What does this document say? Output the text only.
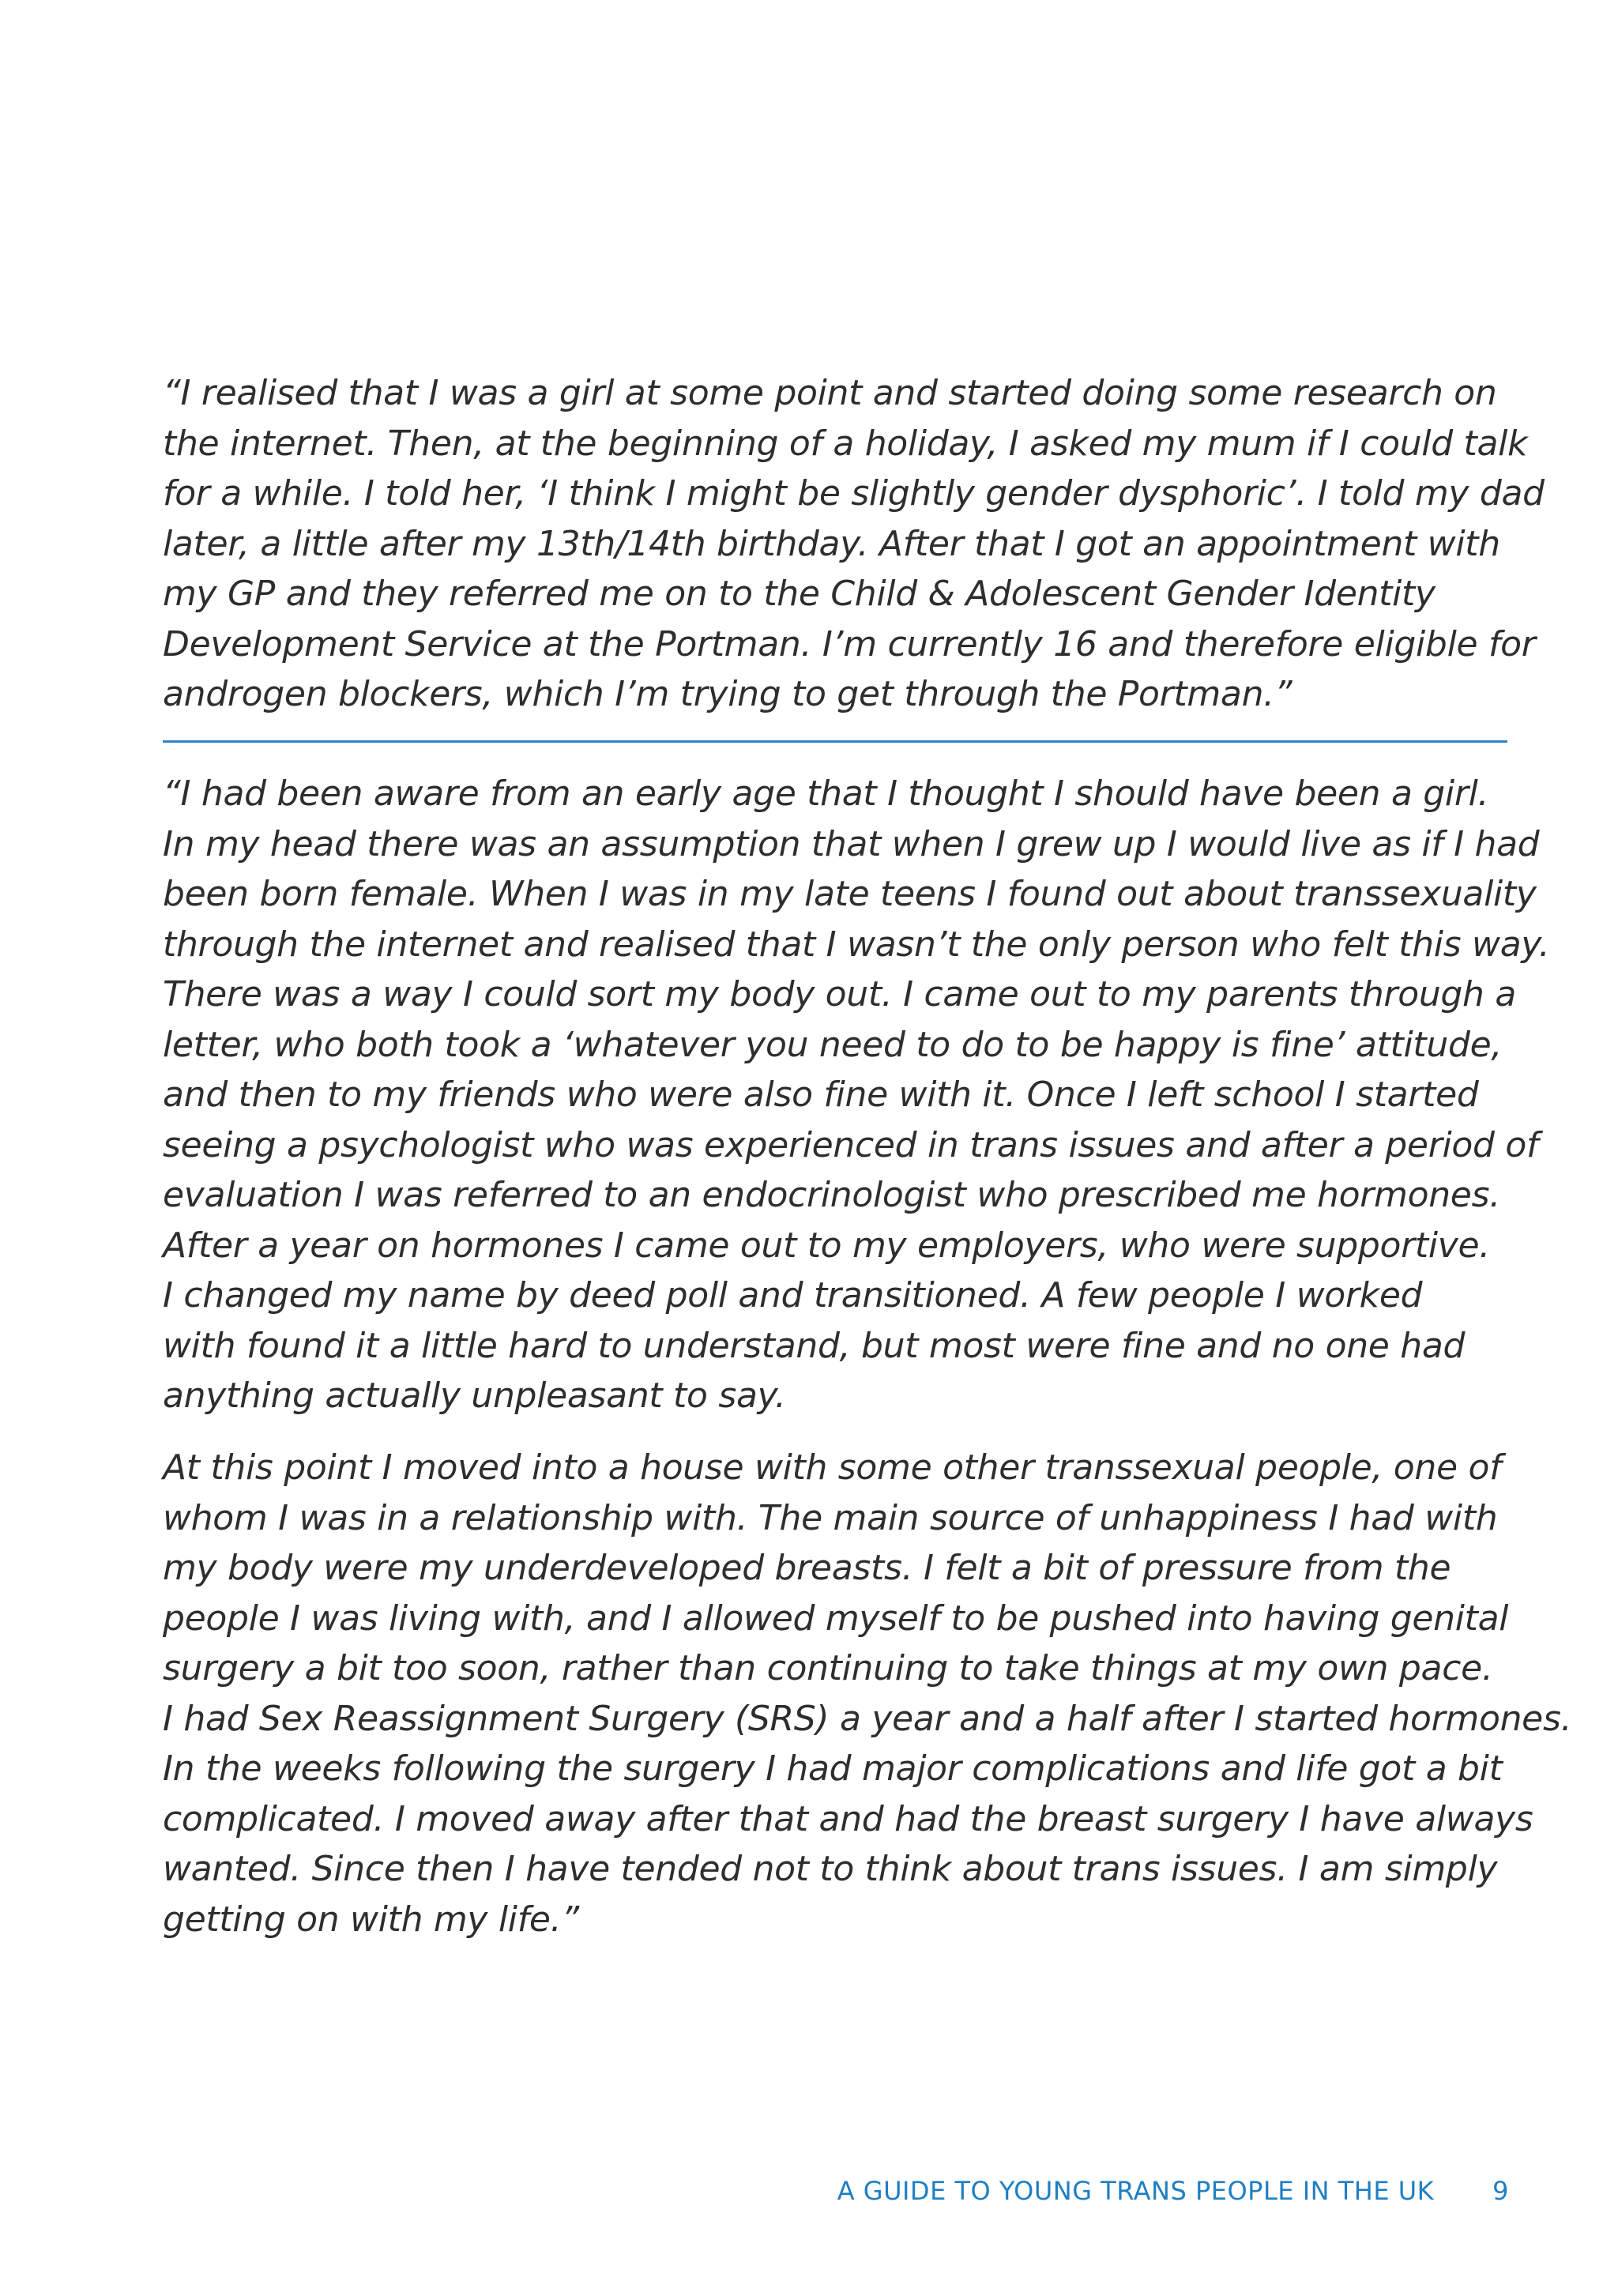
“I realised that I was a girl at some point and started doing some research on
the internet. Then, at the beginning of a holiday, I asked my mum if I could talk
for a while. I told her, ‘I think I might be slightly gender dysphoric’. I told my dad
later, a little after my 13th/14th birthday. After that I got an appointment with
my GP and they referred me on to the Child & Adolescent Gender Identity
Development Service at the Portman. I’m currently 16 and therefore eligible for
androgen blockers, which I’m trying to get through the Portman.”

“I had been aware from an early age that I thought I should have been a girl.
In my head there was an assumption that when I grew up I would live as if I had
been born female. When I was in my late teens I found out about transsexuality
through the internet and realised that I wasn’t the only person who felt this way.
There was a way I could sort my body out. I came out to my parents through a
letter, who both took a ‘whatever you need to do to be happy is fine’ attitude,
and then to my friends who were also fine with it. Once I left school I started
seeing a psychologist who was experienced in trans issues and after a period of
evaluation I was referred to an endocrinologist who prescribed me hormones.
After a year on hormones I came out to my employers, who were supportive.
I changed my name by deed poll and transitioned. A few people I worked
with found it a little hard to understand, but most were fine and no one had
anything actually unpleasant to say.

At this point I moved into a house with some other transsexual people, one of
whom I was in a relationship with. The main source of unhappiness I had with
my body were my underdeveloped breasts. I felt a bit of pressure from the
people I was living with, and I allowed myself to be pushed into having genital
surgery a bit too soon, rather than continuing to take things at my own pace.
I had Sex Reassignment Surgery (SRS) a year and a half after I started hormones.
In the weeks following the surgery I had major complications and life got a bit
complicated. I moved away after that and had the breast surgery I have always
wanted. Since then I have tended not to think about trans issues. I am simply
getting on with my life.”

A GUIDE TO YOUNG TRANS PEOPLE IN THE UK 9
